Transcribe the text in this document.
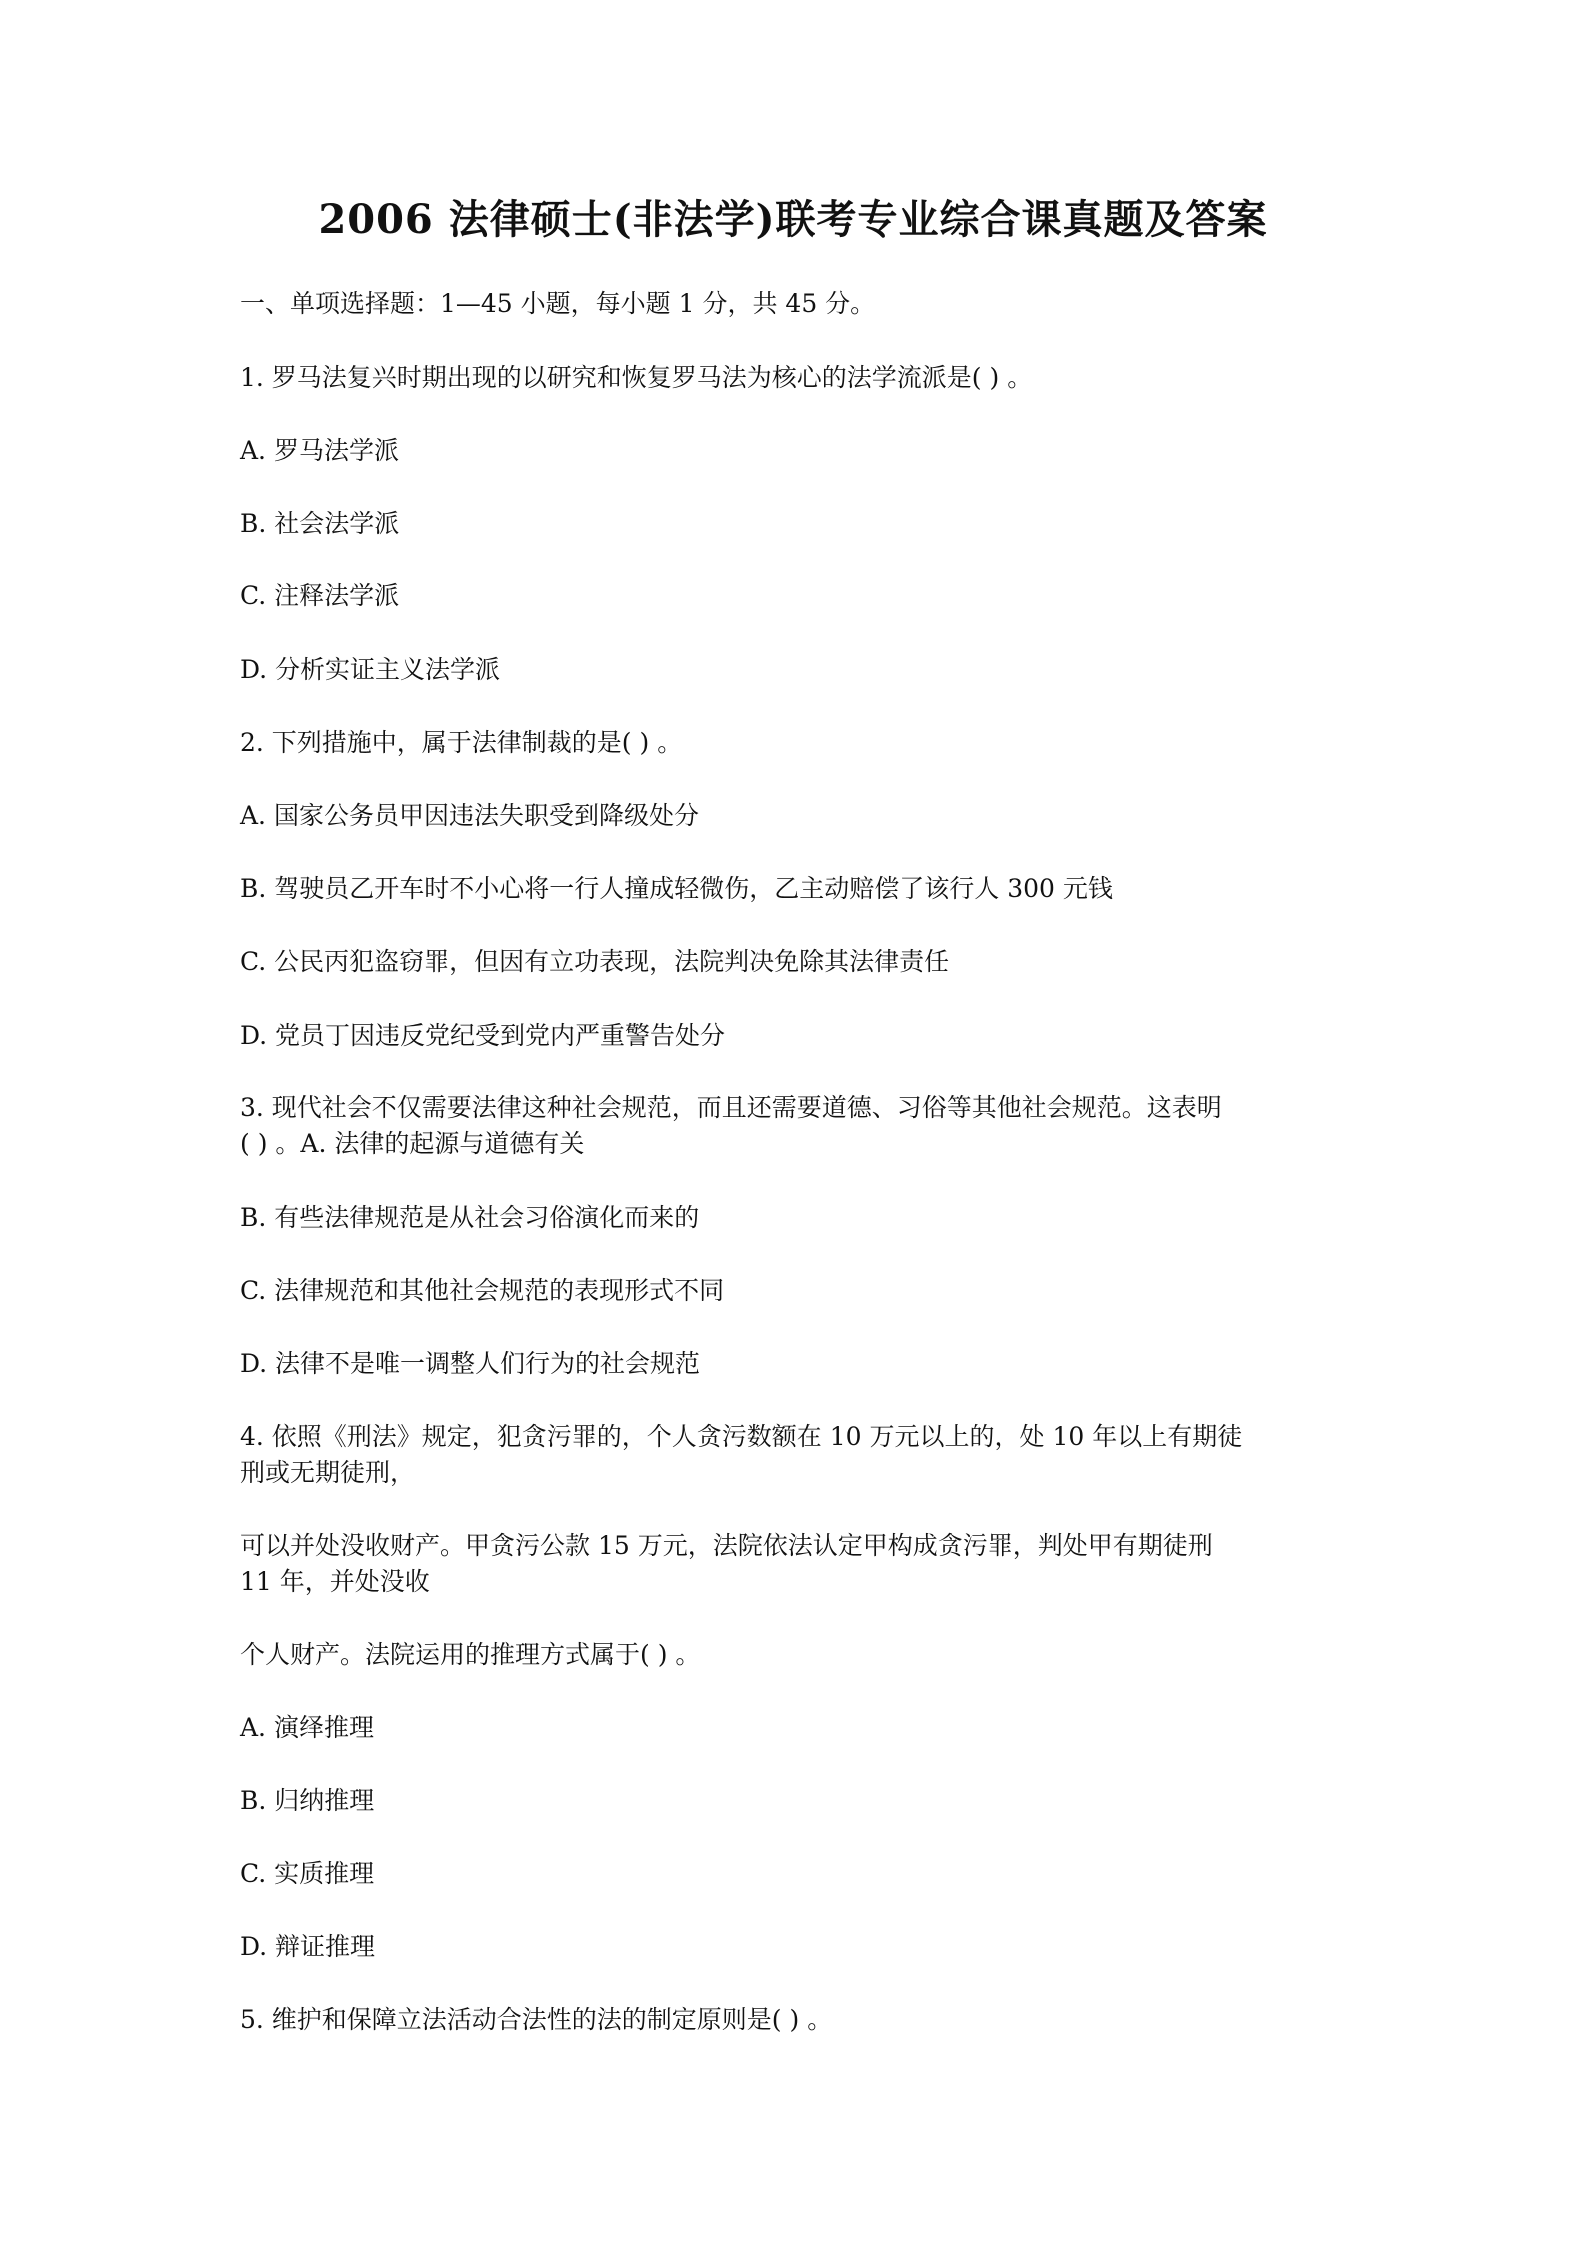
2006 法律硕士(非法学)联考专业综合课真题及答案
一、单项选择题：1—45 小题，每小题 1 分，共 45 分。
1. 罗马法复兴时期出现的以研究和恢复罗马法为核心的法学流派是( ) 。
A. 罗马法学派
B. 社会法学派
C. 注释法学派
D. 分析实证主义法学派
2. 下列措施中，属于法律制裁的是( ) 。
A. 国家公务员甲因违法失职受到降级处分
B. 驾驶员乙开车时不小心将一行人撞成轻微伤，乙主动赔偿了该行人 300 元钱
C. 公民丙犯盗窃罪，但因有立功表现，法院判决免除其法律责任
D. 党员丁因违反党纪受到党内严重警告处分
3. 现代社会不仅需要法律这种社会规范，而且还需要道德、习俗等其他社会规范。这表明
( ) 。A. 法律的起源与道德有关
B. 有些法律规范是从社会习俗演化而来的
C. 法律规范和其他社会规范的表现形式不同
D. 法律不是唯一调整人们行为的社会规范
4. 依照《刑法》规定，犯贪污罪的，个人贪污数额在 10 万元以上的，处 10 年以上有期徒
刑或无期徒刑，
可以并处没收财产。甲贪污公款 15 万元，法院依法认定甲构成贪污罪，判处甲有期徒刑
11 年，并处没收
个人财产。法院运用的推理方式属于( ) 。
A. 演绎推理
B. 归纳推理
C. 实质推理
D. 辩证推理
5. 维护和保障立法活动合法性的法的制定原则是( ) 。
